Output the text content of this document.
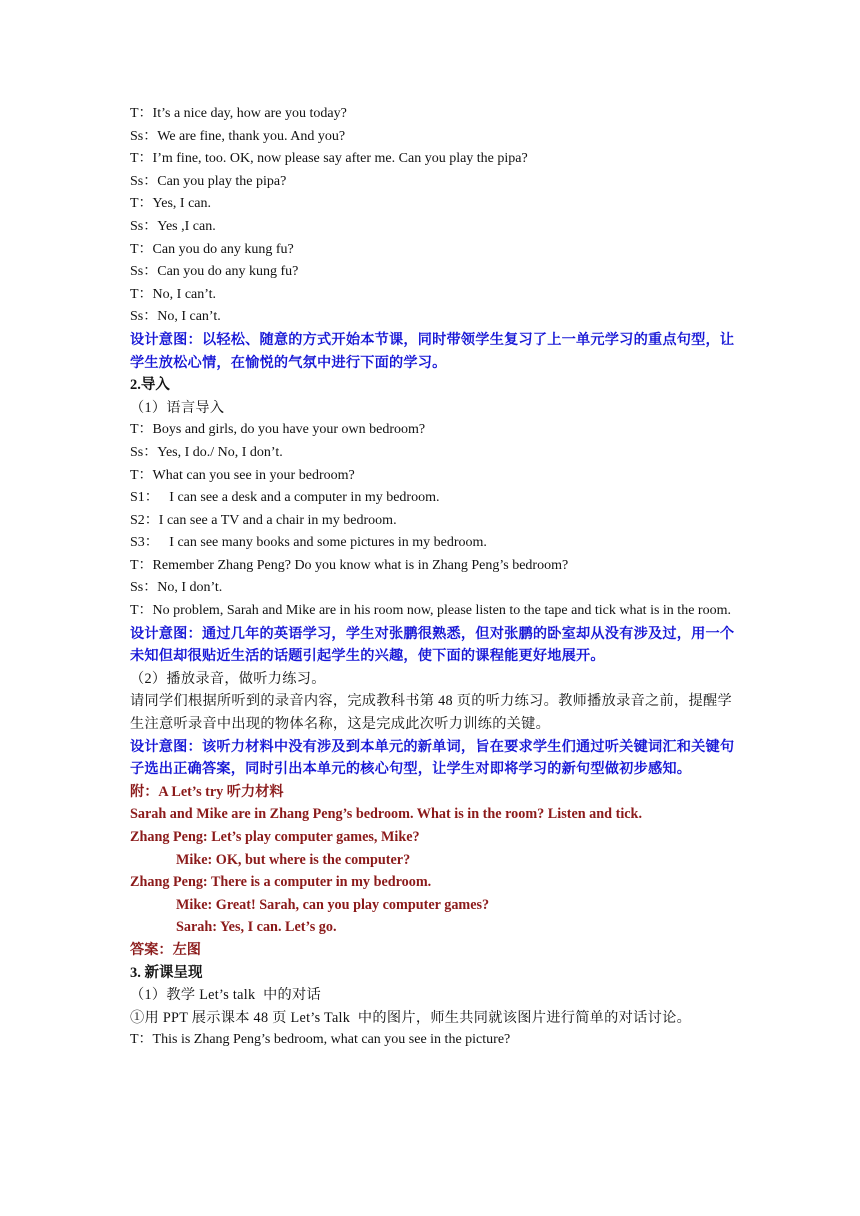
T：It’s a nice day, how are you today?
Ss：We are fine, thank you. And you?
T：I’m fine, too. OK, now please say after me. Can you play the pipa?
Ss：Can you play the pipa?
T：Yes, I can.
Ss：Yes ,I can.
T：Can you do any kung fu?
Ss：Can you do any kung fu?
T：No, I can’t.
Ss：No, I can’t.
设计意图：以轻松、随意的方式开始本节课，同时带领学生复习了上一单元学习的重点句型，让学生放松心情，在愉悦的气氛中进行下面的学习。
2.导入
（1）语言导入
T：Boys and girls, do you have your own bedroom?
Ss：Yes, I do./ No, I don’t.
T：What can you see in your bedroom?
S1：   I can see a desk and a computer in my bedroom.
S2：I can see a TV and a chair in my bedroom.
S3：   I can see many books and some pictures in my bedroom.
T：Remember Zhang Peng? Do you know what is in Zhang Peng’s bedroom?
Ss：No, I don’t.
T：No problem, Sarah and Mike are in his room now, please listen to the tape and tick what is in the room.
设计意图：通过几年的英语学习，学生对张鹏很熟悉，但对张鹏的卧室却从没有涉及过，用一个未知但却很贴近生活的话题引起学生的兴趣，使下面的课程能更好地展开。
（2）播放录音，做听力练习。
请同学们根据所听到的录音内容，完成教科书第 48 页的听力练习。教师播放录音之前，提醒学生注意听录音中出现的物体名称，这是完成此次听力训练的关键。
设计意图：该听力材料中没有涉及到本单元的新单词，旨在要求学生们通过听关键词汇和关键句子选出正确答案，同时引出本单元的核心句型，让学生对即将学习的新句型做初步感知。
附：A Let’s try 听力材料
Sarah and Mike are in Zhang Peng’s bedroom. What is in the room? Listen and tick.
Zhang Peng: Let’s play computer games, Mike?
Mike: OK, but where is the computer?
Zhang Peng: There is a computer in my bedroom.
Mike: Great! Sarah, can you play computer games?
Sarah: Yes, I can. Let’s go.
答案：左图
3. 新课呈现
（1）教学 Let’s talk  中的对话
①用 PPT 展示课本 48 页 Let’s Talk  中的图片，师生共同就该图片进行简单的对话讨论。
T：This is Zhang Peng’s bedroom, what can you see in the picture?
